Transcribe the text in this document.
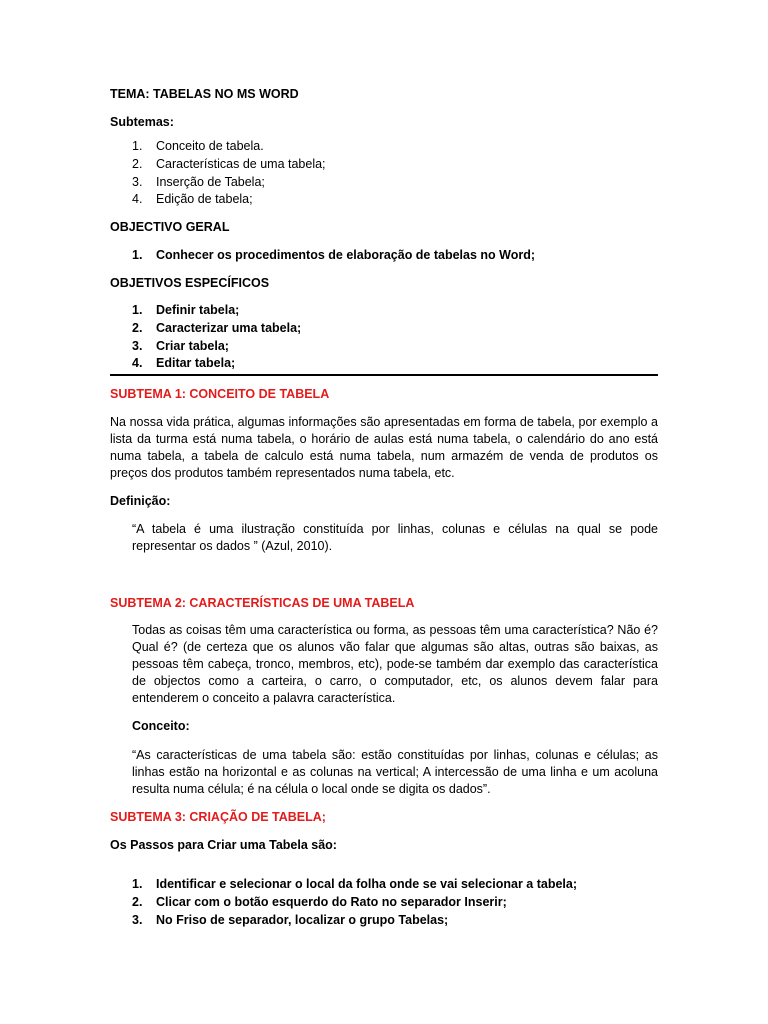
TEMA: TABELAS NO MS WORD
Subtemas:
1. Conceito de tabela.
2. Características de uma tabela;
3. Inserção de Tabela;
4. Edição de tabela;
OBJECTIVO GERAL
1. Conhecer os procedimentos de elaboração de tabelas no Word;
OBJETIVOS ESPECÍFICOS
1. Definir tabela;
2. Caracterizar uma tabela;
3. Criar tabela;
4. Editar tabela;
SUBTEMA 1: CONCEITO DE TABELA
Na nossa vida prática, algumas informações são apresentadas em forma de tabela, por exemplo a lista da turma está numa tabela, o horário de aulas está numa tabela, o calendário do ano está numa tabela, a tabela de calculo está numa tabela, num armazém de venda de produtos os preços dos produtos também representados numa tabela, etc.
Definição:
“A tabela é uma ilustração constituída por linhas, colunas e células na qual se pode representar os dados ” (Azul, 2010).
SUBTEMA 2: CARACTERÍSTICAS DE UMA TABELA
Todas as coisas têm uma característica ou forma, as pessoas têm uma característica? Não é? Qual é? (de certeza que os alunos vão falar que algumas são altas, outras são baixas, as pessoas têm cabeça, tronco, membros, etc), pode-se também dar exemplo das característica de objectos como a carteira, o carro, o computador, etc, os alunos devem falar para entenderem o conceito a palavra característica.
Conceito:
“As características de uma tabela são: estão constituídas por linhas, colunas e células; as linhas estão na horizontal e as colunas na vertical; A intercessão de uma linha e um acoluna resulta numa célula; é na célula o local onde se digita os dados”.
SUBTEMA 3: CRIAÇÃO DE TABELA;
Os Passos para Criar uma Tabela são:
1. Identificar e selecionar o local da folha onde se vai selecionar a tabela;
2. Clicar com o botão esquerdo do Rato no separador Inserir;
3. No Friso de separador, localizar o grupo Tabelas;
